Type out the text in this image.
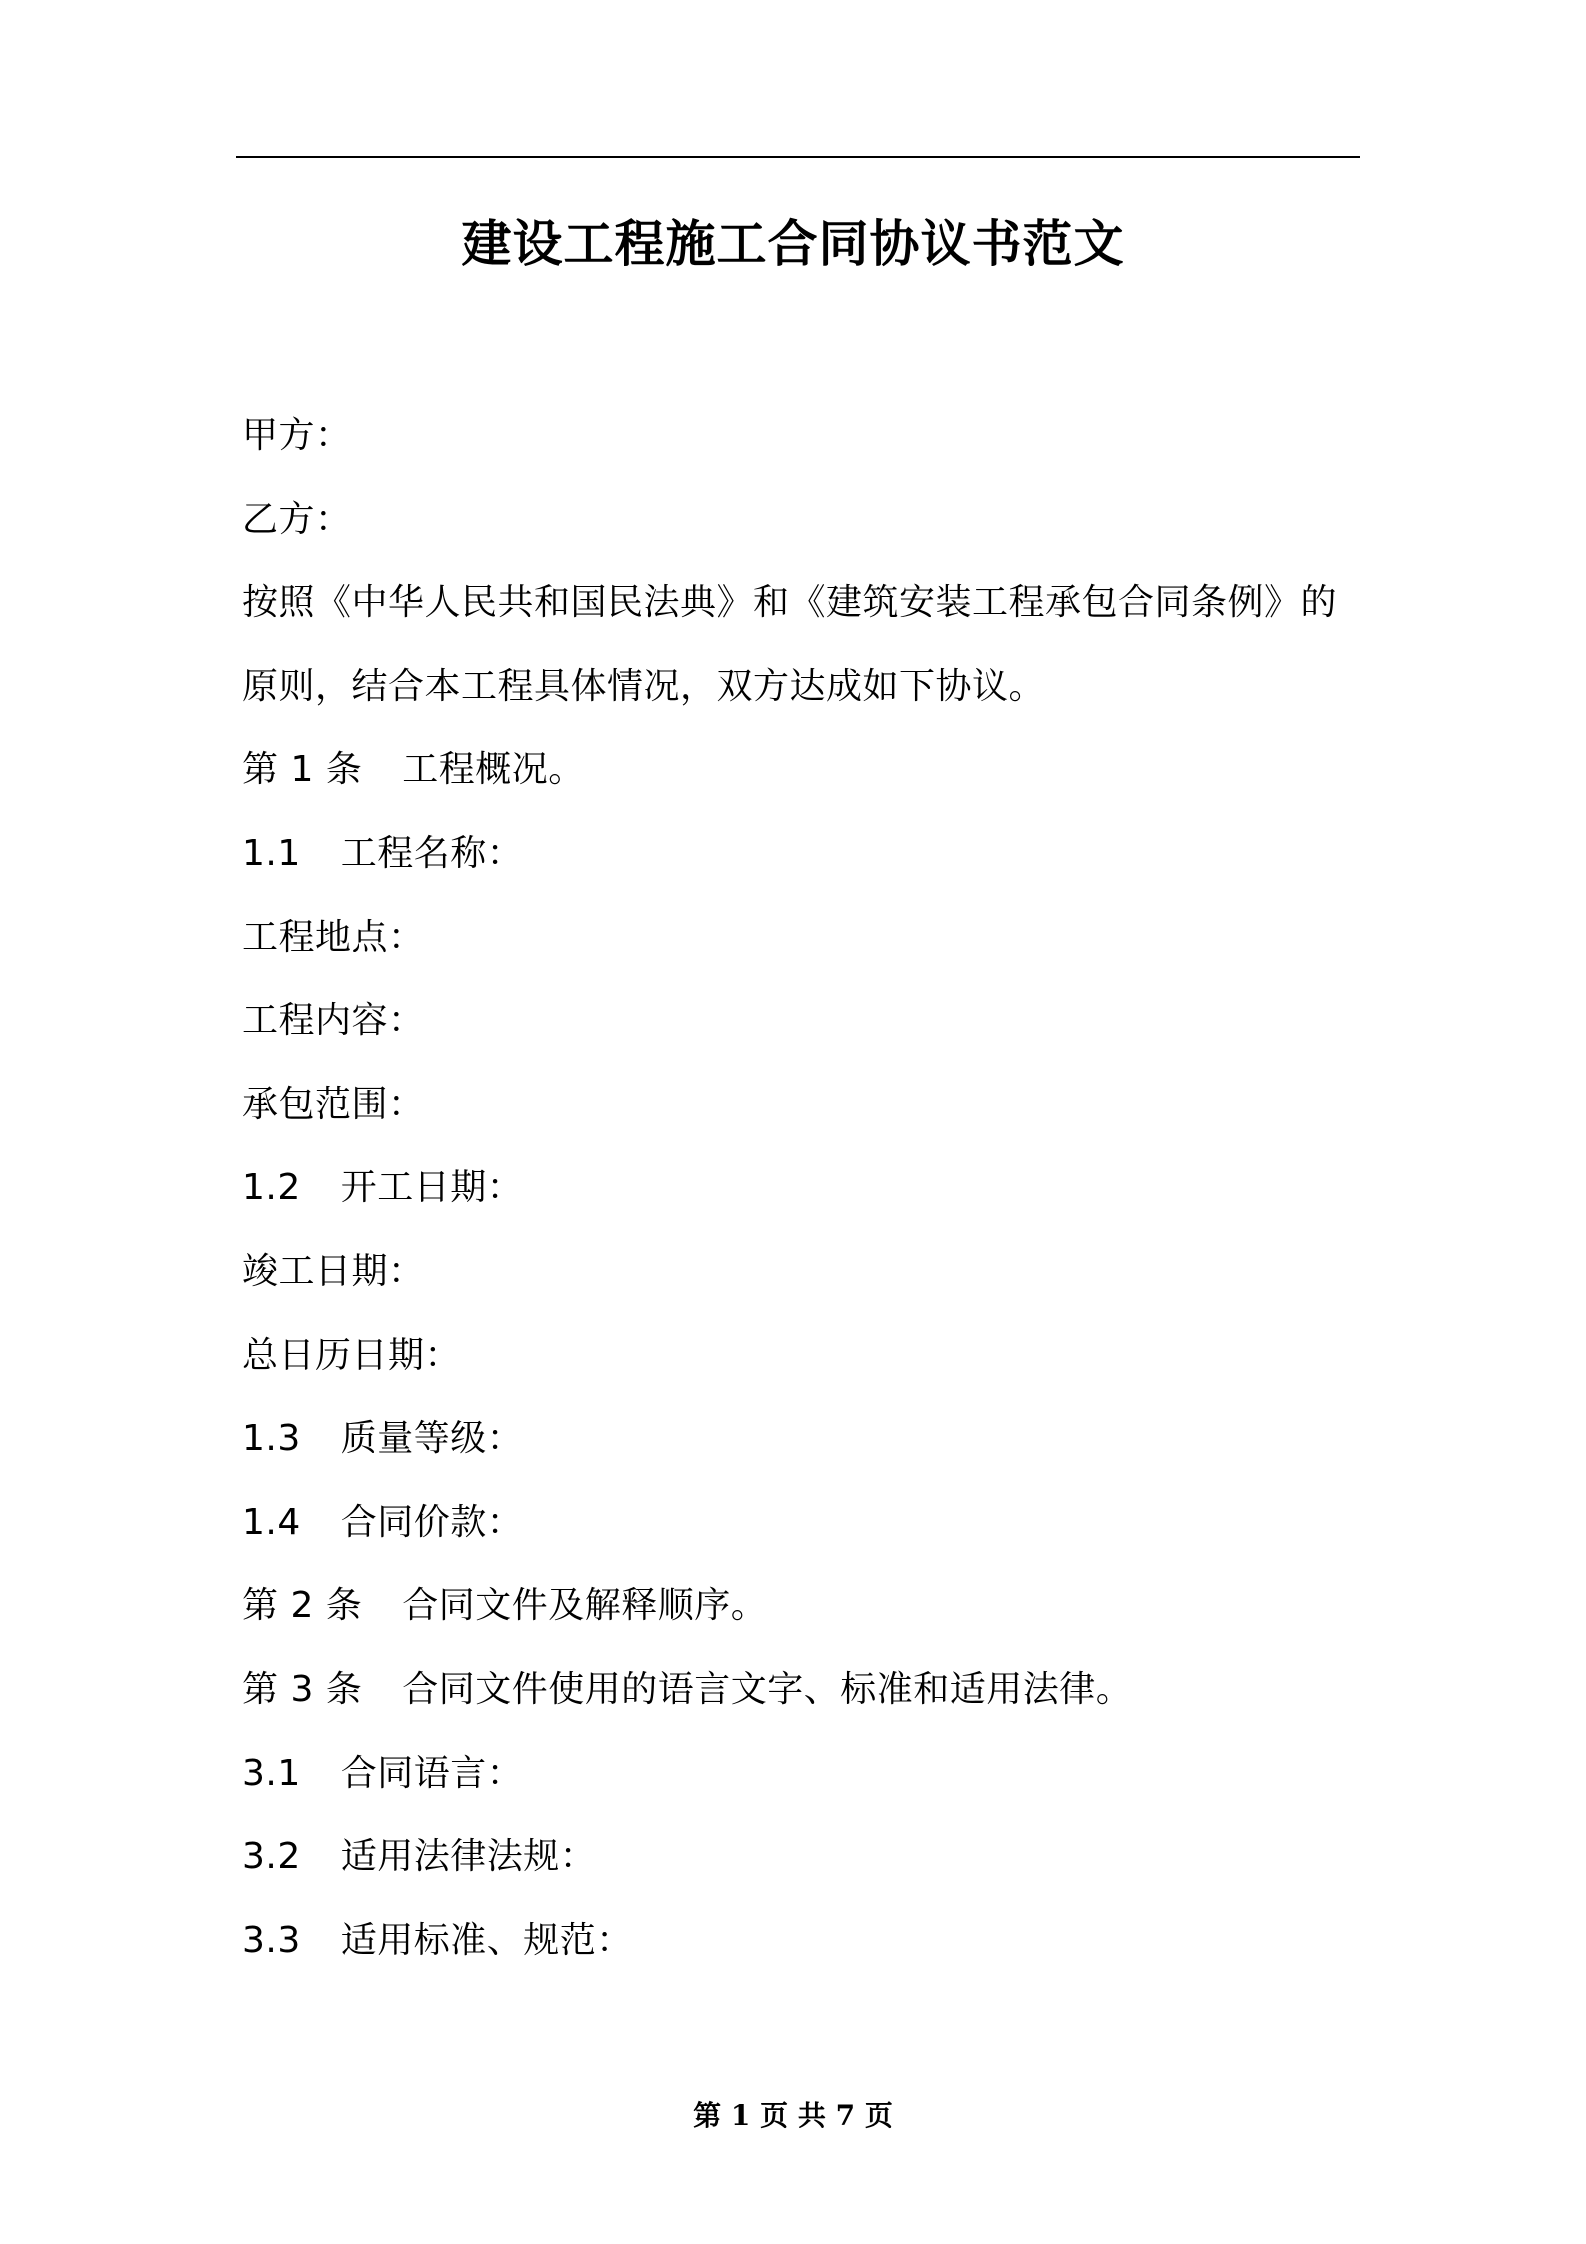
建设工程施工合同协议书范文
甲方：
乙方：
按照《中华人民共和国民法典》和《建筑安装工程承包合同条例》的
原则，结合本工程具体情况，双方达成如下协议。
第 1 条 工程概况。
1.1 工程名称：
工程地点：
工程内容：
承包范围：
1.2 开工日期：
竣工日期：
总日历日期：
1.3 质量等级：
1.4 合同价款：
第 2 条 合同文件及解释顺序。
第 3 条 合同文件使用的语言文字、标准和适用法律。
3.1 合同语言：
3.2 适用法律法规：
3.3 适用标准、规范：
第 1 页 共 7 页
